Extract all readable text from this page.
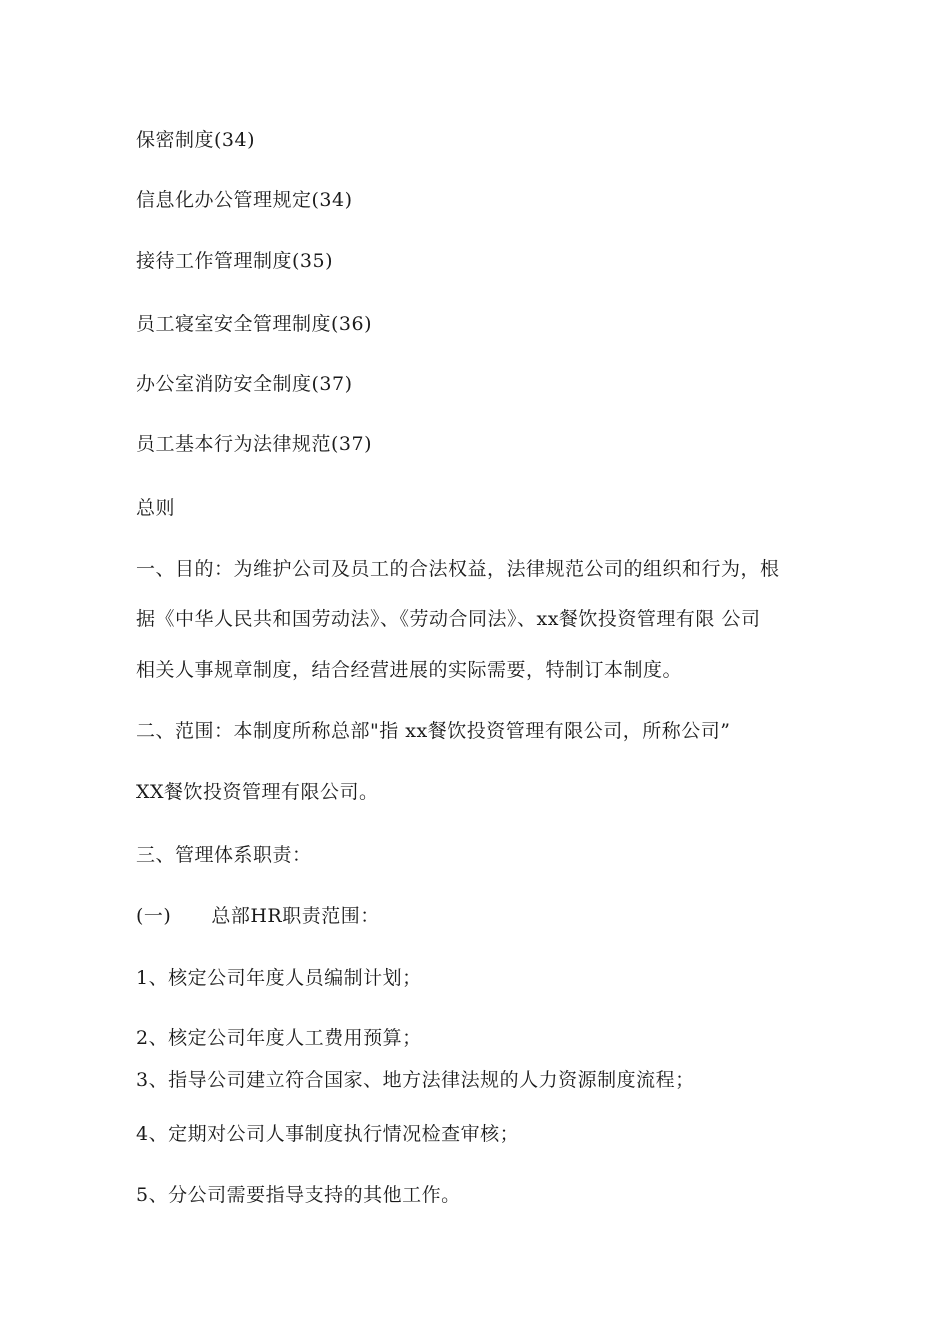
保密制度(34)
信息化办公管理规定(34)
接待工作管理制度(35)
员工寝室安全管理制度(36)
办公室消防安全制度(37)
员工基本行为法律规范(37)
总则
一、目的：为维护公司及员工的合法权益，法律规范公司的组织和行为，根
据《中华人民共和国劳动法》、《劳动合同法》、xx餐饮投资管理有限 公司
相关人事规章制度，结合经营进展的实际需要，特制订本制度。
二、范围：本制度所称总部"指 xx餐饮投资管理有限公司，所称公司”
XX餐饮投资管理有限公司。
三、管理体系职责：
(一) 总部HR职责范围：
1、核定公司年度人员编制计划；
2、核定公司年度人工费用预算；
3、指导公司建立符合国家、地方法律法规的人力资源制度流程；
4、定期对公司人事制度执行情况检查审核；
5、分公司需要指导支持的其他工作。
